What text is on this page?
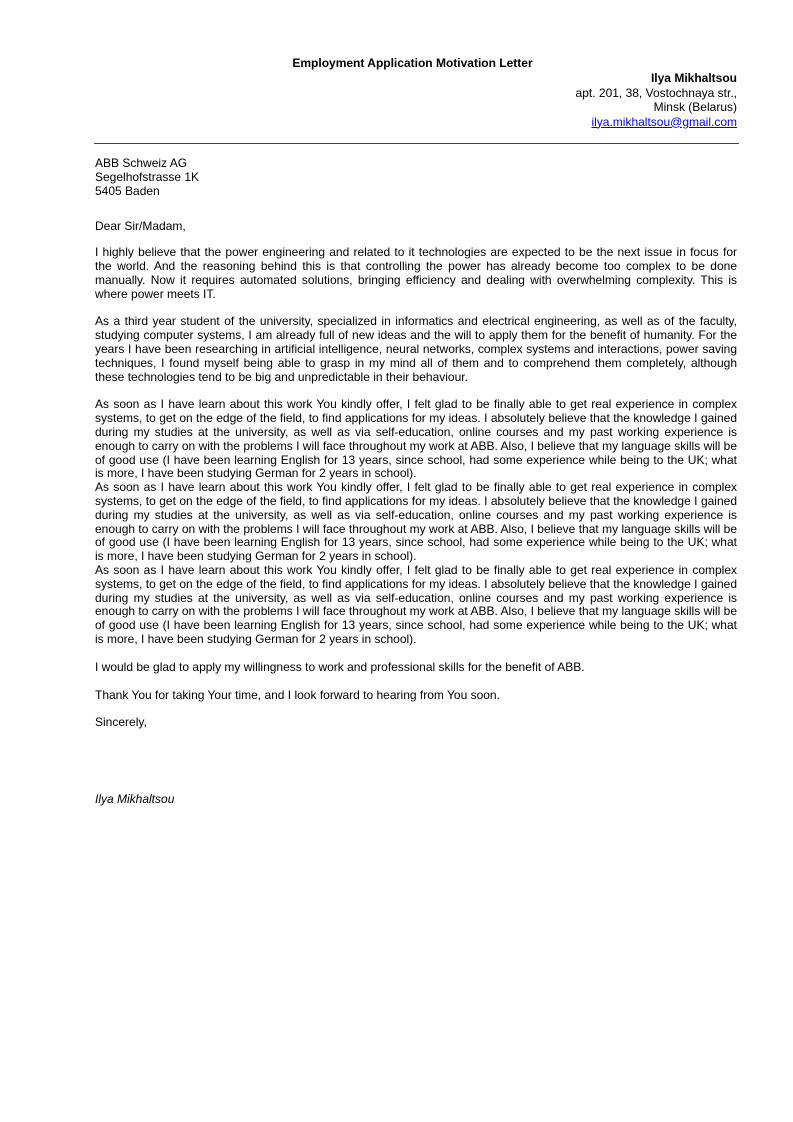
Employment Application Motivation Letter
Ilya Mikhaltsou
apt. 201, 38, Vostochnaya str.,
Minsk (Belarus)
ilya.mikhaltsou@gmail.com
ABB Schweiz AG
Segelhofstrasse 1K
5405 Baden

Dear Sir/Madam,

I highly believe that the power engineering and related to it technologies are expected to be the next issue in focus for the world. And the reasoning behind this is that controlling the power has already become too complex to be done manually. Now it requires automated solutions, bringing efficiency and dealing with overwhelming complexity. This is where power meets IT.

As a third year student of the university, specialized in informatics and electrical engineering, as well as of the faculty, studying computer systems, I am already full of new ideas and the will to apply them for the benefit of humanity. For the years I have been researching in artificial intelligence, neural networks, complex systems and interactions, power saving techniques, I found myself being able to grasp in my mind all of them and to comprehend them completely, although these technologies tend to be big and unpredictable in their behaviour.

As soon as I have learn about this work You kindly offer, I felt glad to be finally able to get real experience in complex systems, to get on the edge of the field, to find applications for my ideas. I absolutely believe that the knowledge I gained during my studies at the university, as well as via self-education, online courses and my past working experience is enough to carry on with the problems I will face throughout my work at ABB. Also, I believe that my language skills will be of good use (I have been learning English for 13 years, since school, had some experience while being to the UK; what is more, I have been studying German for 2 years in school).

As soon as I have learn about this work You kindly offer, I felt glad to be finally able to get real experience in complex systems, to get on the edge of the field, to find applications for my ideas. I absolutely believe that the knowledge I gained during my studies at the university, as well as via self-education, online courses and my past working experience is enough to carry on with the problems I will face throughout my work at ABB. Also, I believe that my language skills will be of good use (I have been learning English for 13 years, since school, had some experience while being to the UK; what is more, I have been studying German for 2 years in school).

As soon as I have learn about this work You kindly offer, I felt glad to be finally able to get real experience in complex systems, to get on the edge of the field, to find applications for my ideas. I absolutely believe that the knowledge I gained during my studies at the university, as well as via self-education, online courses and my past working experience is enough to carry on with the problems I will face throughout my work at ABB. Also, I believe that my language skills will be of good use (I have been learning English for 13 years, since school, had some experience while being to the UK; what is more, I have been studying German for 2 years in school).

I would be glad to apply my willingness to work and professional skills for the benefit of ABB.

Thank You for taking Your time, and I look forward to hearing from You soon.

Sincerely,

Ilya Mikhaltsou
